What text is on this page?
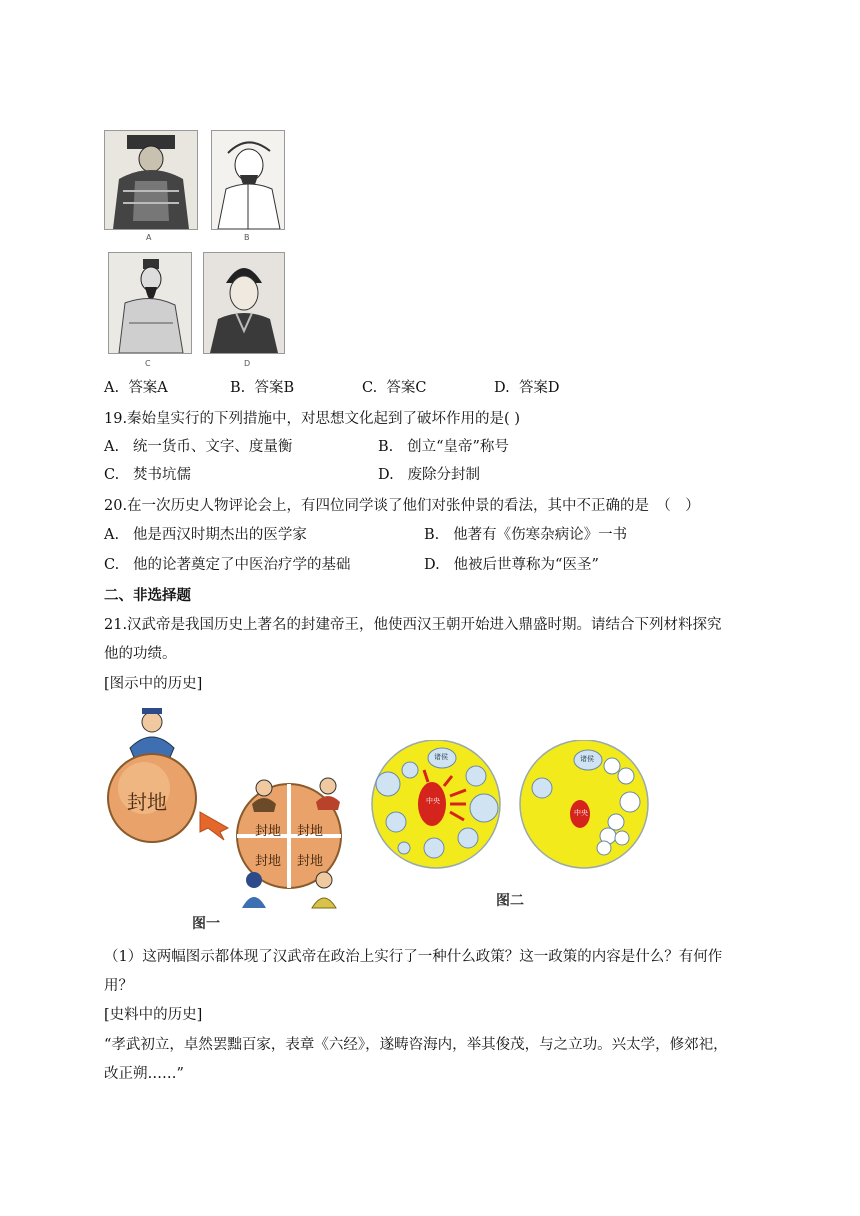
A	B
C	D
A. 答案A	B. 答案B	C. 答案C	D. 答案D
19.秦始皇实行的下列措施中，对思想文化起到了破坏作用的是( )
A. 统一货币、文字、度量衡	B. 创立“皇帝”称号
C. 焚书坑儒	D. 废除分封制
20.在一次历史人物评论会上，有四位同学谈了他们对张仲景的看法，其中不正确的是　（　）
A. 他是西汉时期杰出的医学家	B. 他著有《伤寒杂病论》一书
C. 他的论著奠定了中医治疗学的基础	D. 他被后世尊称为“医圣”
二、非选择题
21.汉武帝是我国历史上著名的封建帝王，他使西汉王朝开始进入鼎盛时期。请结合下列材料探究
他的功绩。
[图示中的历史]
封地
封地 封地
封地 封地
图一
诸侯
中央
诸侯
中央
图二
（1）这两幅图示都体现了汉武帝在政治上实行了一种什么政策？这一政策的内容是什么？有何作
用？
[史料中的历史]
“孝武初立，卓然罢黜百家，表章《六经》，遂畴咨海内，举其俊茂，与之立功。兴太学，修郊祀，
改正朔……”
